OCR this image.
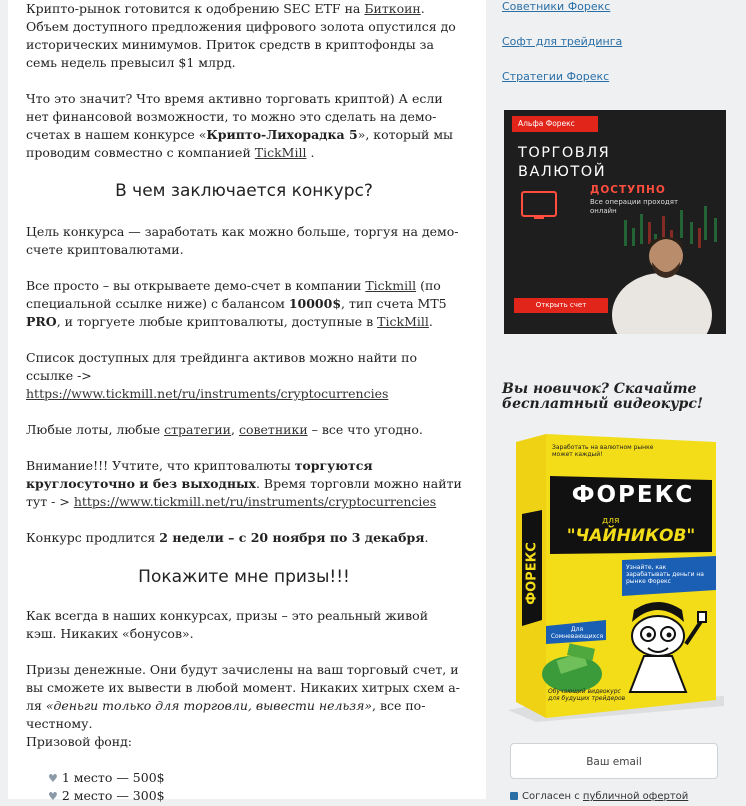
Крипто-рынок готовится к одобрению SEC ETF на Биткоин. Объем доступного предложения цифрового золота опустился до исторических минимумов. Приток средств в криптофонды за семь недель превысил $1 млрд.

Что это значит? Что время активно торговать криптой) А если нет финансовой возможности, то можно это сделать на демо-счетах в нашем конкурсе «Крипто-Лихорадка 5», который мы проводим совместно с компанией TickMill .

В чем заключается конкурс?

Цель конкурса — заработать как можно больше, торгуя на демо-счете криптовалютами.

Все просто – вы открываете демо-счет в компании Tickmill (по специальной ссылке ниже) с балансом 10000$, тип счета МТ5 PRO, и торгуете любые криптовалюты, доступные в TickMill.

Список доступных для трейдинга активов можно найти по ссылке ->

https://www.tickmill.net/ru/instruments/cryptocurrencies

Любые лоты, любые стратегии, советники – все что угодно.

Внимание!!! Учтите, что криптовалюты торгуются круглосуточно и без выходных. Время торговли можно найти тут - > https://www.tickmill.net/ru/instruments/cryptocurrencies

Конкурс продлится 2 недели – с 20 ноября по 3 декабря.

Покажите мне призы!!!

Как всегда в наших конкурсах, призы – это реальный живой кэш. Никаких «бонусов».

Призы денежные. Они будут зачислены на ваш торговый счет, и вы сможете их вывести в любой момент. Никаких хитрых схем а-ля «деньги только для торговли, вывести нельзя», все по-честному.

Призовой фонд:

♥ 1 место — 500$
♥ 2 место — 300$
Советники Форекс
Софт для трейдинга
Стратегии Форекс
Альфа Форекс
ТОРГОВЛЯ
ВАЛЮТОЙ
ДОСТУПНО
Все операции проходят онлайн
Открыть счет
Вы новичок? Скачайте бесплатный видеокурс!
Заработать на валютном рынке может каждый!
ФОРЕКС
для
"ЧАЙНИКОВ"
ФОРЕКС
Для Сомневающихся
Узнайте, как зарабатывать деньги на рынке Форекс
Обучающий видеокурс для будущих трейдеров
Ваш email
Согласен с публичной офертой
